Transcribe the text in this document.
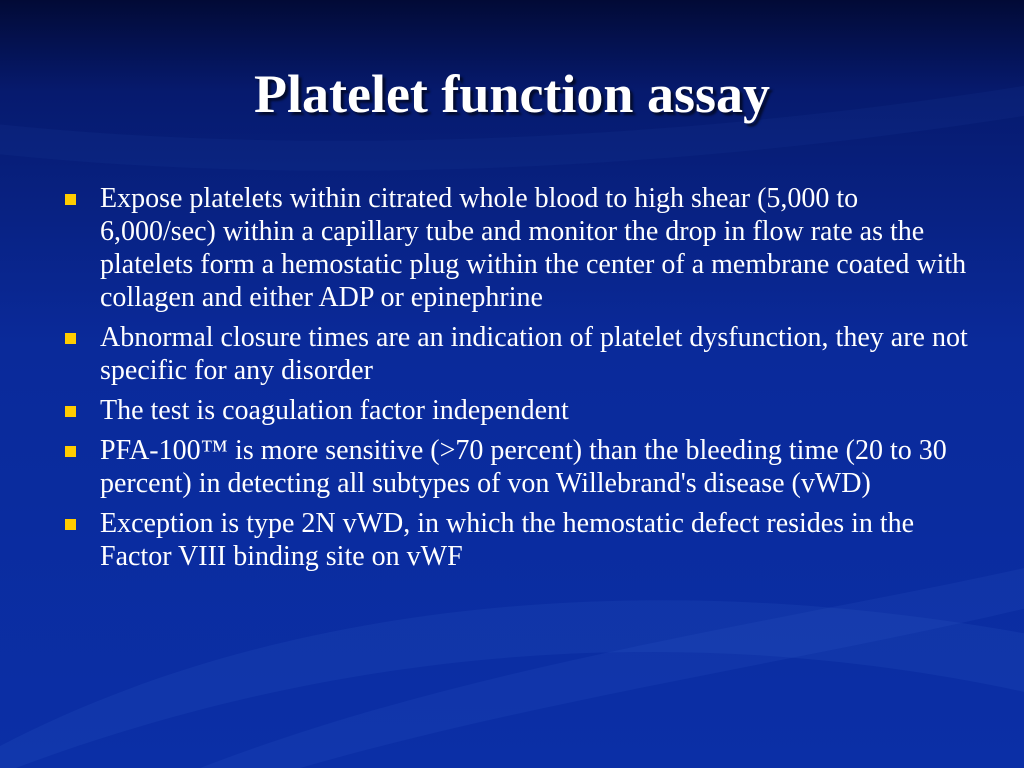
Platelet function assay
Expose platelets within citrated whole blood to high shear (5,000 to 6,000/sec) within a capillary tube and monitor the drop in flow rate as the platelets form a hemostatic plug within the center of a membrane coated with collagen and either ADP or epinephrine
Abnormal closure times are an indication of platelet dysfunction, they are not specific for any disorder
The test is coagulation factor independent
PFA-100™ is more sensitive (>70 percent) than the bleeding time (20 to 30 percent) in detecting all subtypes of von Willebrand's disease (vWD)
Exception is type 2N vWD, in which the hemostatic defect resides in the Factor VIII binding site on vWF
